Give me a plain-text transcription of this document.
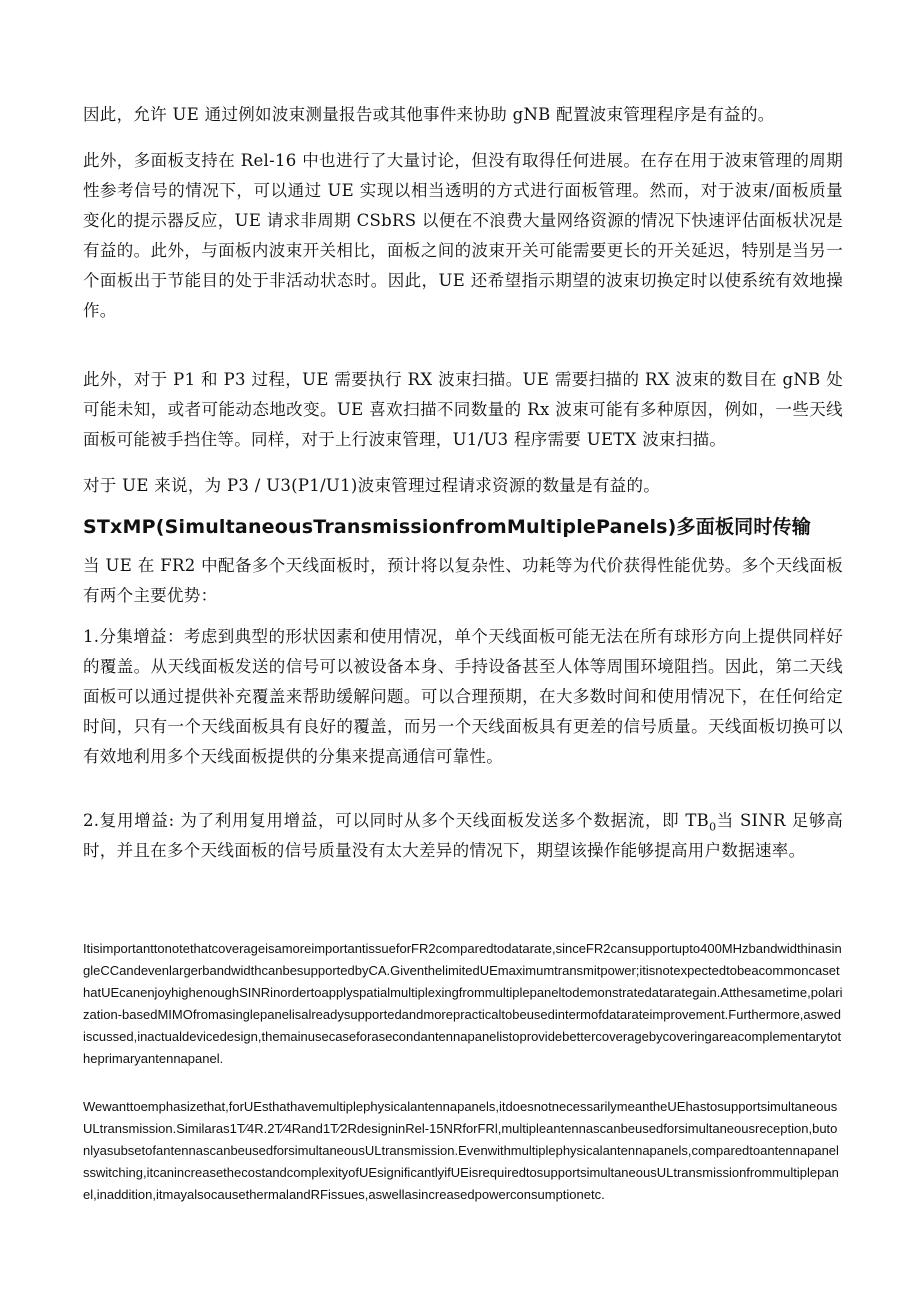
因此，允许 UE 通过例如波束测量报告或其他事件来协助 gNB 配置波束管理程序是有益的。

此外，多面板支持在 Rel-16 中也进行了大量讨论，但没有取得任何进展。在存在用于波束管理的周期性参考信号的情况下，可以通过 UE 实现以相当透明的方式进行面板管理。然而，对于波束/面板质量变化的提示器反应，UE 请求非周期 CSbRS 以便在不浪费大量网络资源的情况下快速评估面板状况是有益的。此外，与面板内波束开关相比，面板之间的波束开关可能需要更长的开关延迟，特别是当另一个面板出于节能目的处于非活动状态时。因此，UE 还希望指示期望的波束切换定时以使系统有效地操作。

此外，对于 P1 和 P3 过程，UE 需要执行 RX 波束扫描。UE 需要扫描的 RX 波束的数目在 gNB 处可能未知，或者可能动态地改变。UE 喜欢扫描不同数量的 Rx 波束可能有多种原因，例如，一些天线面板可能被手挡住等。同样，对于上行波束管理，U1/U3 程序需要 UETX 波束扫描。

对于 UE 来说，为 P3 / U3(P1/U1)波束管理过程请求资源的数量是有益的。

STxMP(SimultaneousTransmissionfromMultiplePanels)多面板同时传输

当 UE 在 FR2 中配备多个天线面板时，预计将以复杂性、功耗等为代价获得性能优势。多个天线面板有两个主要优势：

1.分集增益：考虑到典型的形状因素和使用情况，单个天线面板可能无法在所有球形方向上提供同样好的覆盖。从天线面板发送的信号可以被设备本身、手持设备甚至人体等周围环境阻挡。因此，第二天线面板可以通过提供补充覆盖来帮助缓解问题。可以合理预期，在大多数时间和使用情况下，在任何给定时间，只有一个天线面板具有良好的覆盖，而另一个天线面板具有更差的信号质量。天线面板切换可以有效地利用多个天线面板提供的分集来提高通信可靠性。

2.复用增益: 为了利用复用增益，可以同时从多个天线面板发送多个数据流，即 $TB_0$当 SINR 足够高时，并且在多个天线面板的信号质量没有太大差异的情况下，期望该操作能够提高用户数据速率。

ItisimportanttonotethatcoverageisamoreimportantissueforFR2comparedtodatarate,sinceFR2cansupportupto400MHzbandwidthinasingleCCandevenlargerbandwidthcanbesupportedbyCA.GiventhelimitedUEmaximumtransmitpower;itisnotexpectedtobeacommoncasethatUEcanenjoyhighenoughSINRinordertoapplyspatialmultiplexingfrommultiplepaneltodemonstratedatarategain.Atthesametime,polarization-basedMIMOfromasinglepanelisalreadysupportedandmorepracticaltobeusedintermofdatarateimprovement.Furthermore,aswediscussed,inactualdevicedesign,themainusecaseforasecondantennapanelistoprovidebettercoveragebycoveringareacomplementarytotheprimaryantennapanel.

Wewanttoemphasizethat,forUEsthathavemultiplephysicalantennapanels,itdoesnotnecessarilymeantheUEhastosupportsimultaneousULtransmission.Similaras1T⁄4R.2T⁄4Rand1T⁄2RdesigninRel-15NRforFRl,multipleantennascanbeusedforsimultaneousreception,butonlyasubsetofantennascanbeusedforsimultaneousULtransmission.Evenwithmultiplephysicalantennapanels,comparedtoantennapanelsswitching,itcanincreasethecostandcomplexityofUEsignificantlyifUEisrequiredtosupportsimultaneousULtransmissionfrommultiplepanel,inaddition,itmayalsocausethermalandRFissues,aswellasincreasedpowerconsumptionetc.
